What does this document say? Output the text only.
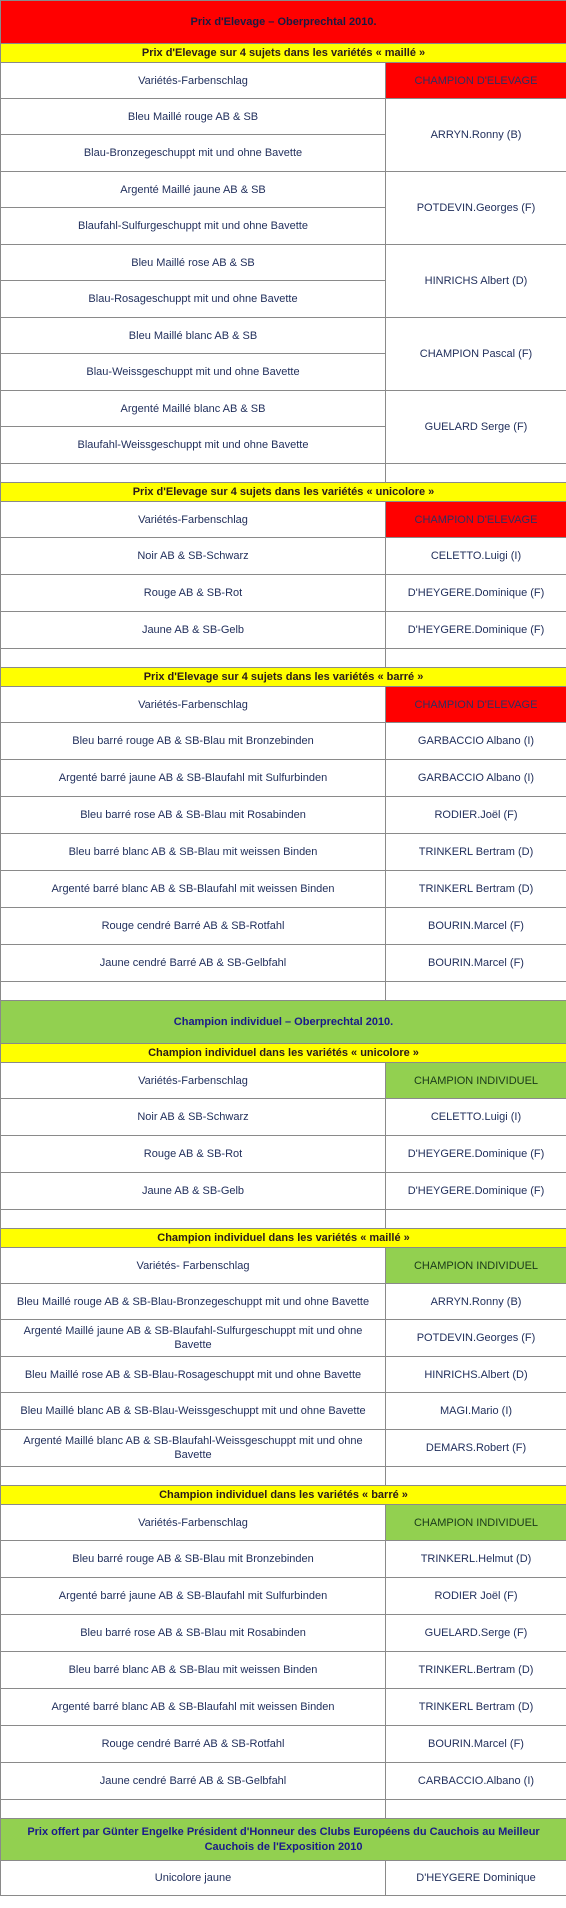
Prix d'Elevage – Oberprechtal 2010.	
Prix d'Elevage sur 4 sujets dans les variétés « maillé »	
Variétés-Farbenschlag	CHAMPION D'ELEVAGE
Bleu Maillé rouge AB & SB	ARRYN.Ronny (B)
Blau-Bronzegeschuppt mit und ohne Bavette	
Argenté Maillé jaune AB & SB	POTDEVIN.Georges (F)
Blaufahl-Sulfurgeschuppt mit und ohne Bavette	
Bleu Maillé rose AB & SB	HINRICHS Albert (D)
Blau-Rosageschuppt mit und ohne Bavette	
Bleu Maillé blanc AB & SB	CHAMPION Pascal (F)
Blau-Weissgeschuppt mit und ohne Bavette	
Argenté Maillé blanc AB & SB	GUELARD Serge (F)
Blaufahl-Weissgeschuppt mit und ohne Bavette	

Prix d'Elevage sur 4 sujets dans les variétés « unicolore »	
Variétés-Farbenschlag	CHAMPION D'ELEVAGE
Noir AB & SB-Schwarz	CELETTO.Luigi (I)
Rouge AB & SB-Rot	D'HEYGERE.Dominique (F)
Jaune AB & SB-Gelb	D'HEYGERE.Dominique (F)

Prix d'Elevage sur 4 sujets dans les variétés « barré »	
Variétés-Farbenschlag	CHAMPION D'ELEVAGE
Bleu barré rouge AB & SB-Blau mit Bronzebinden	GARBACCIO Albano (I)
Argenté barré jaune AB & SB-Blaufahl mit Sulfurbinden	GARBACCIO Albano (I)
Bleu barré rose AB & SB-Blau mit Rosabinden	RODIER.Joël (F)
Bleu barré blanc AB & SB-Blau mit weissen Binden	TRINKERL Bertram (D)
Argenté barré blanc AB & SB-Blaufahl mit weissen Binden	TRINKERL Bertram (D)
Rouge cendré Barré AB & SB-Rotfahl	BOURIN.Marcel (F)
Jaune cendré Barré AB & SB-Gelbfahl	BOURIN.Marcel (F)

Champion individuel – Oberprechtal 2010.	
Champion individuel dans les variétés « unicolore »	
Variétés-Farbenschlag	CHAMPION INDIVIDUEL
Noir AB & SB-Schwarz	CELETTO.Luigi (I)
Rouge AB & SB-Rot	D'HEYGERE.Dominique (F)
Jaune AB & SB-Gelb	D'HEYGERE.Dominique (F)

Champion individuel dans les variétés « maillé »	
Variétés- Farbenschlag	CHAMPION INDIVIDUEL
Bleu Maillé rouge AB & SB-Blau-Bronzegeschuppt mit und ohne Bavette	ARRYN.Ronny (B)
Argenté Maillé jaune AB & SB-Blaufahl-Sulfurgeschuppt mit und ohne Bavette	POTDEVIN.Georges (F)
Bleu Maillé rose AB & SB-Blau-Rosageschuppt mit und ohne Bavette	HINRICHS.Albert (D)
Bleu Maillé blanc AB & SB-Blau-Weissgeschuppt mit und ohne Bavette	MAGI.Mario (I)
Argenté Maillé blanc AB & SB-Blaufahl-Weissgeschuppt mit und ohne Bavette	DEMARS.Robert (F)

Champion individuel dans les variétés « barré »	
Variétés-Farbenschlag	CHAMPION INDIVIDUEL
Bleu barré rouge AB & SB-Blau mit Bronzebinden	TRINKERL.Helmut (D)
Argenté barré jaune AB & SB-Blaufahl mit Sulfurbinden	RODIER Joël (F)
Bleu barré rose AB & SB-Blau mit Rosabinden	GUELARD.Serge (F)
Bleu barré blanc AB & SB-Blau mit weissen Binden	TRINKERL.Bertram (D)
Argenté barré blanc AB & SB-Blaufahl mit weissen Binden	TRINKERL Bertram (D)
Rouge cendré Barré AB & SB-Rotfahl	BOURIN.Marcel (F)
Jaune cendré Barré AB & SB-Gelbfahl	CARBACCIO.Albano (I)

Prix offert par Günter Engelke Président d'Honneur des Clubs Européens du Cauchois au Meilleur Cauchois de l'Exposition 2010	
Unicolore jaune	D'HEYGERE Dominique
